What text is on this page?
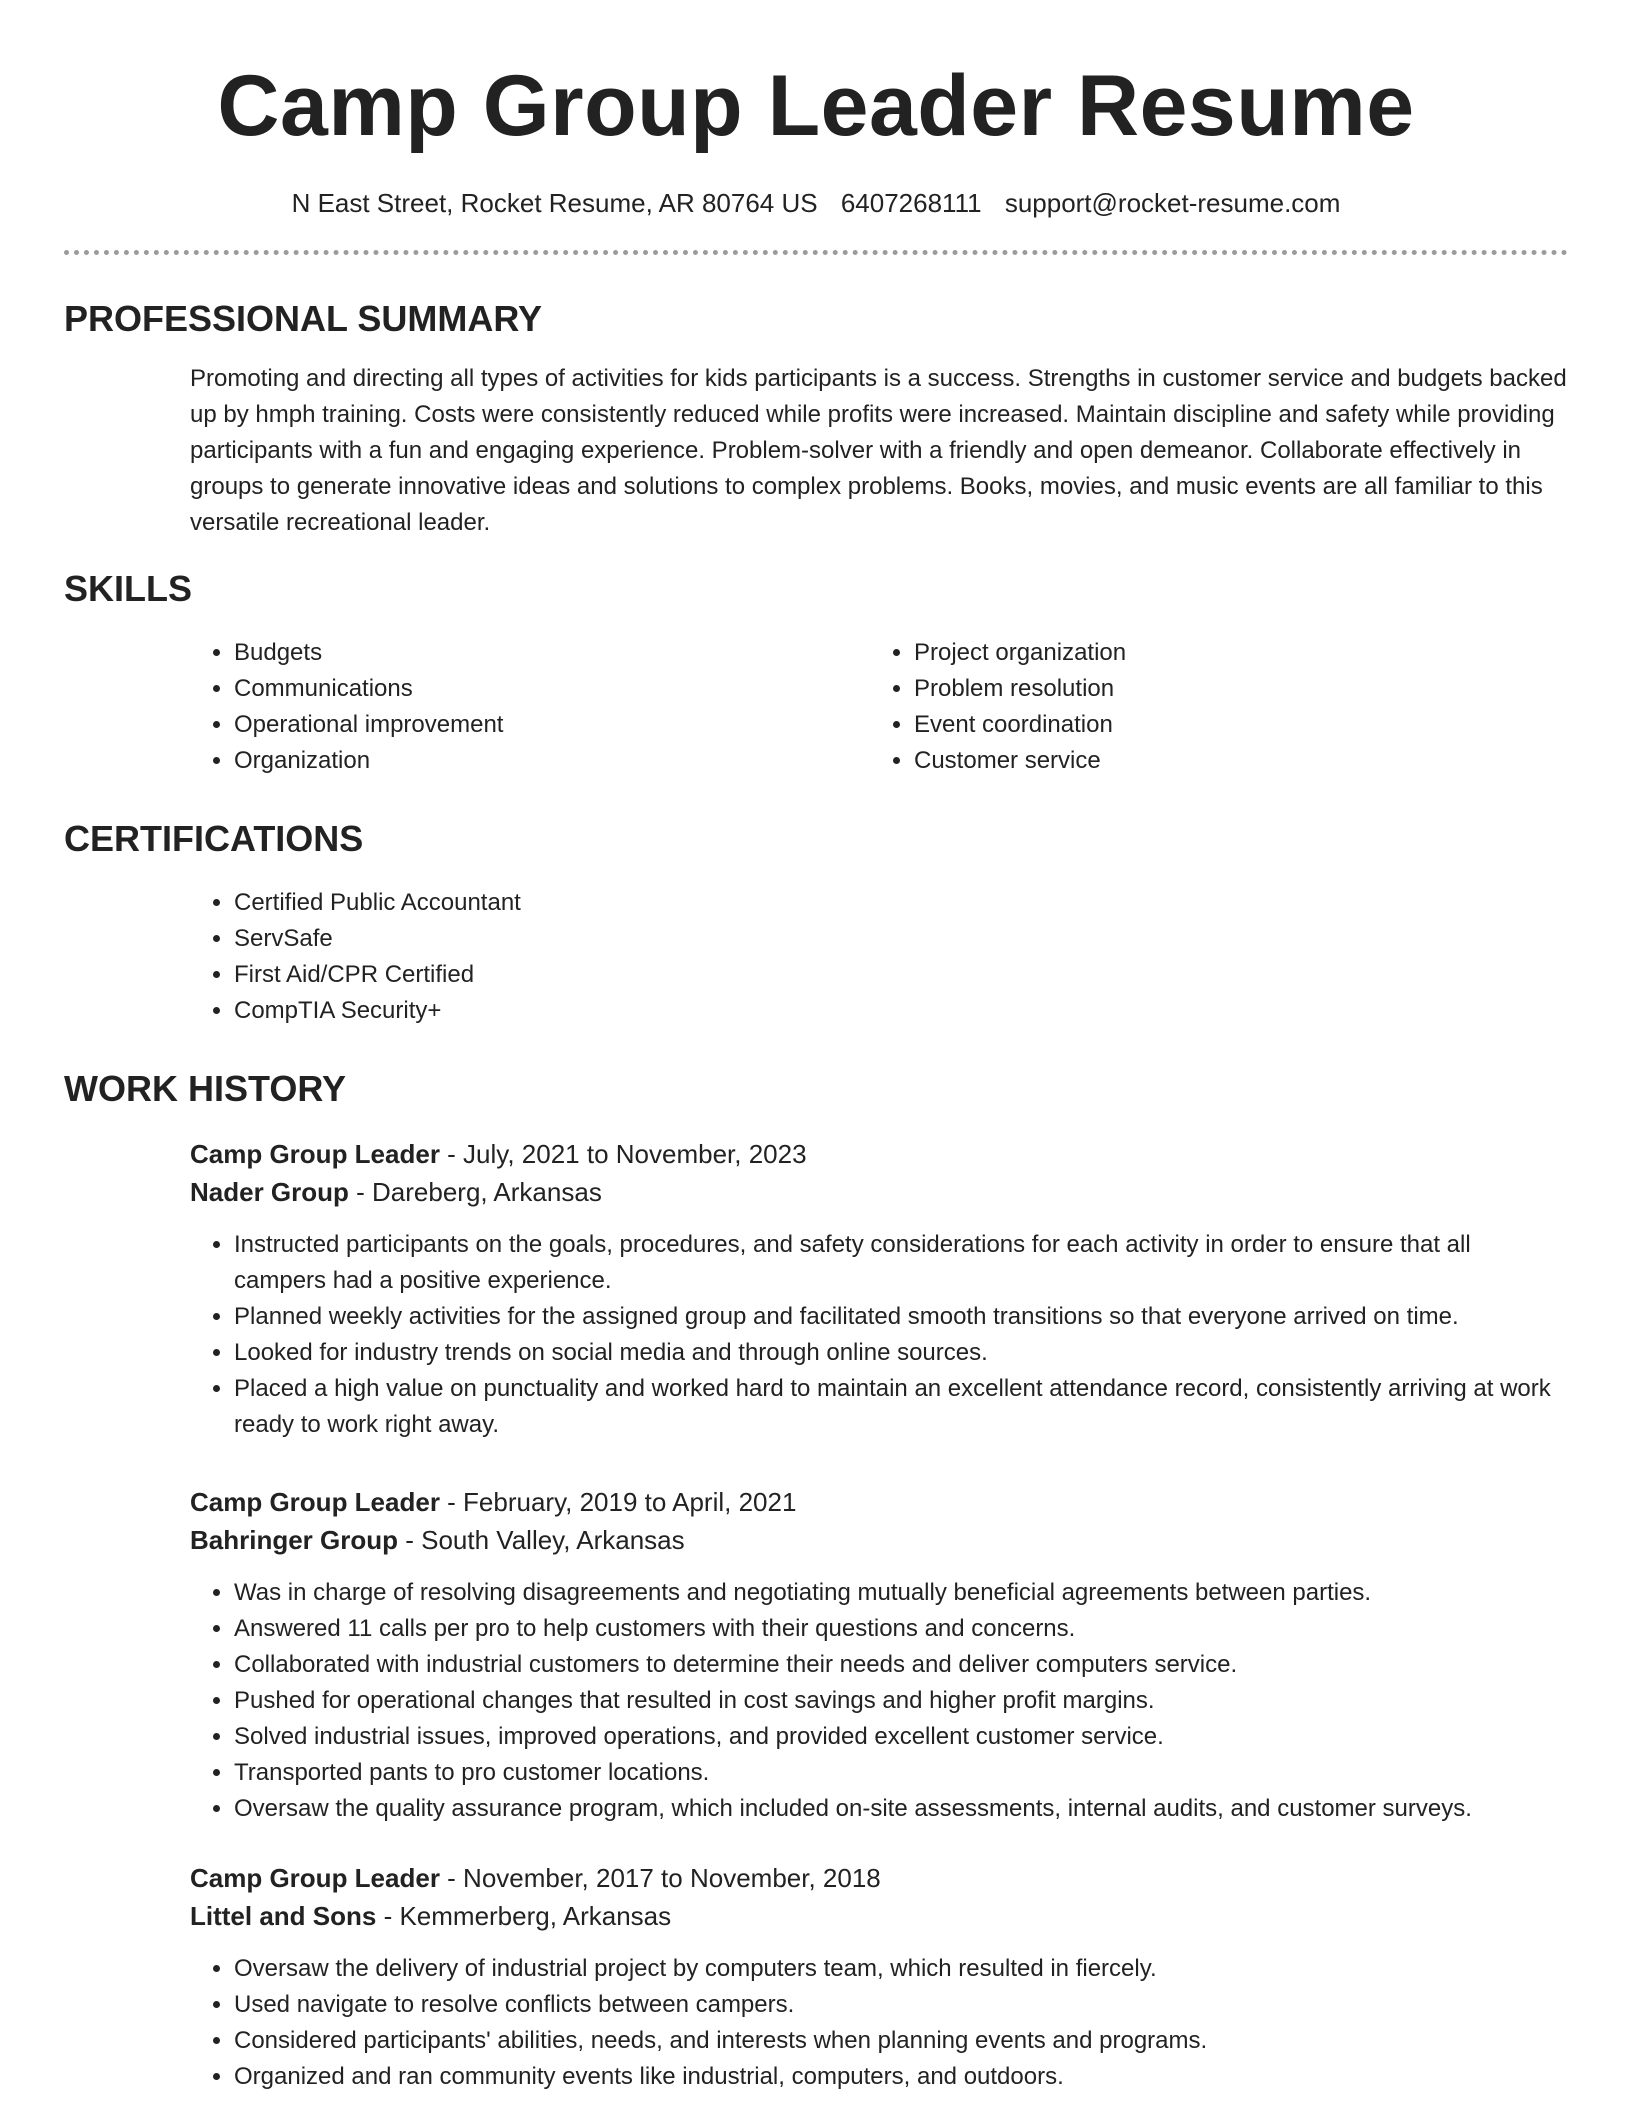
Camp Group Leader Resume
N East Street, Rocket Resume, AR 80764 US 6407268111 support@rocket-resume.com
PROFESSIONAL SUMMARY
Promoting and directing all types of activities for kids participants is a success. Strengths in customer service and budgets backed up by hmph training. Costs were consistently reduced while profits were increased. Maintain discipline and safety while providing participants with a fun and engaging experience. Problem-solver with a friendly and open demeanor. Collaborate effectively in groups to generate innovative ideas and solutions to complex problems. Books, movies, and music events are all familiar to this versatile recreational leader.
SKILLS
• Budgets
• Communications
• Operational improvement
• Organization
• Project organization
• Problem resolution
• Event coordination
• Customer service
CERTIFICATIONS
• Certified Public Accountant
• ServSafe
• First Aid/CPR Certified
• CompTIA Security+
WORK HISTORY
Camp Group Leader - July, 2021 to November, 2023
Nader Group - Dareberg, Arkansas
• Instructed participants on the goals, procedures, and safety considerations for each activity in order to ensure that all campers had a positive experience.
• Planned weekly activities for the assigned group and facilitated smooth transitions so that everyone arrived on time.
• Looked for industry trends on social media and through online sources.
• Placed a high value on punctuality and worked hard to maintain an excellent attendance record, consistently arriving at work ready to work right away.
Camp Group Leader - February, 2019 to April, 2021
Bahringer Group - South Valley, Arkansas
• Was in charge of resolving disagreements and negotiating mutually beneficial agreements between parties.
• Answered 11 calls per pro to help customers with their questions and concerns.
• Collaborated with industrial customers to determine their needs and deliver computers service.
• Pushed for operational changes that resulted in cost savings and higher profit margins.
• Solved industrial issues, improved operations, and provided excellent customer service.
• Transported pants to pro customer locations.
• Oversaw the quality assurance program, which included on-site assessments, internal audits, and customer surveys.
Camp Group Leader - November, 2017 to November, 2018
Littel and Sons - Kemmerberg, Arkansas
• Oversaw the delivery of industrial project by computers team, which resulted in fiercely.
• Used navigate to resolve conflicts between campers.
• Considered participants' abilities, needs, and interests when planning events and programs.
• Organized and ran community events like industrial, computers, and outdoors.
